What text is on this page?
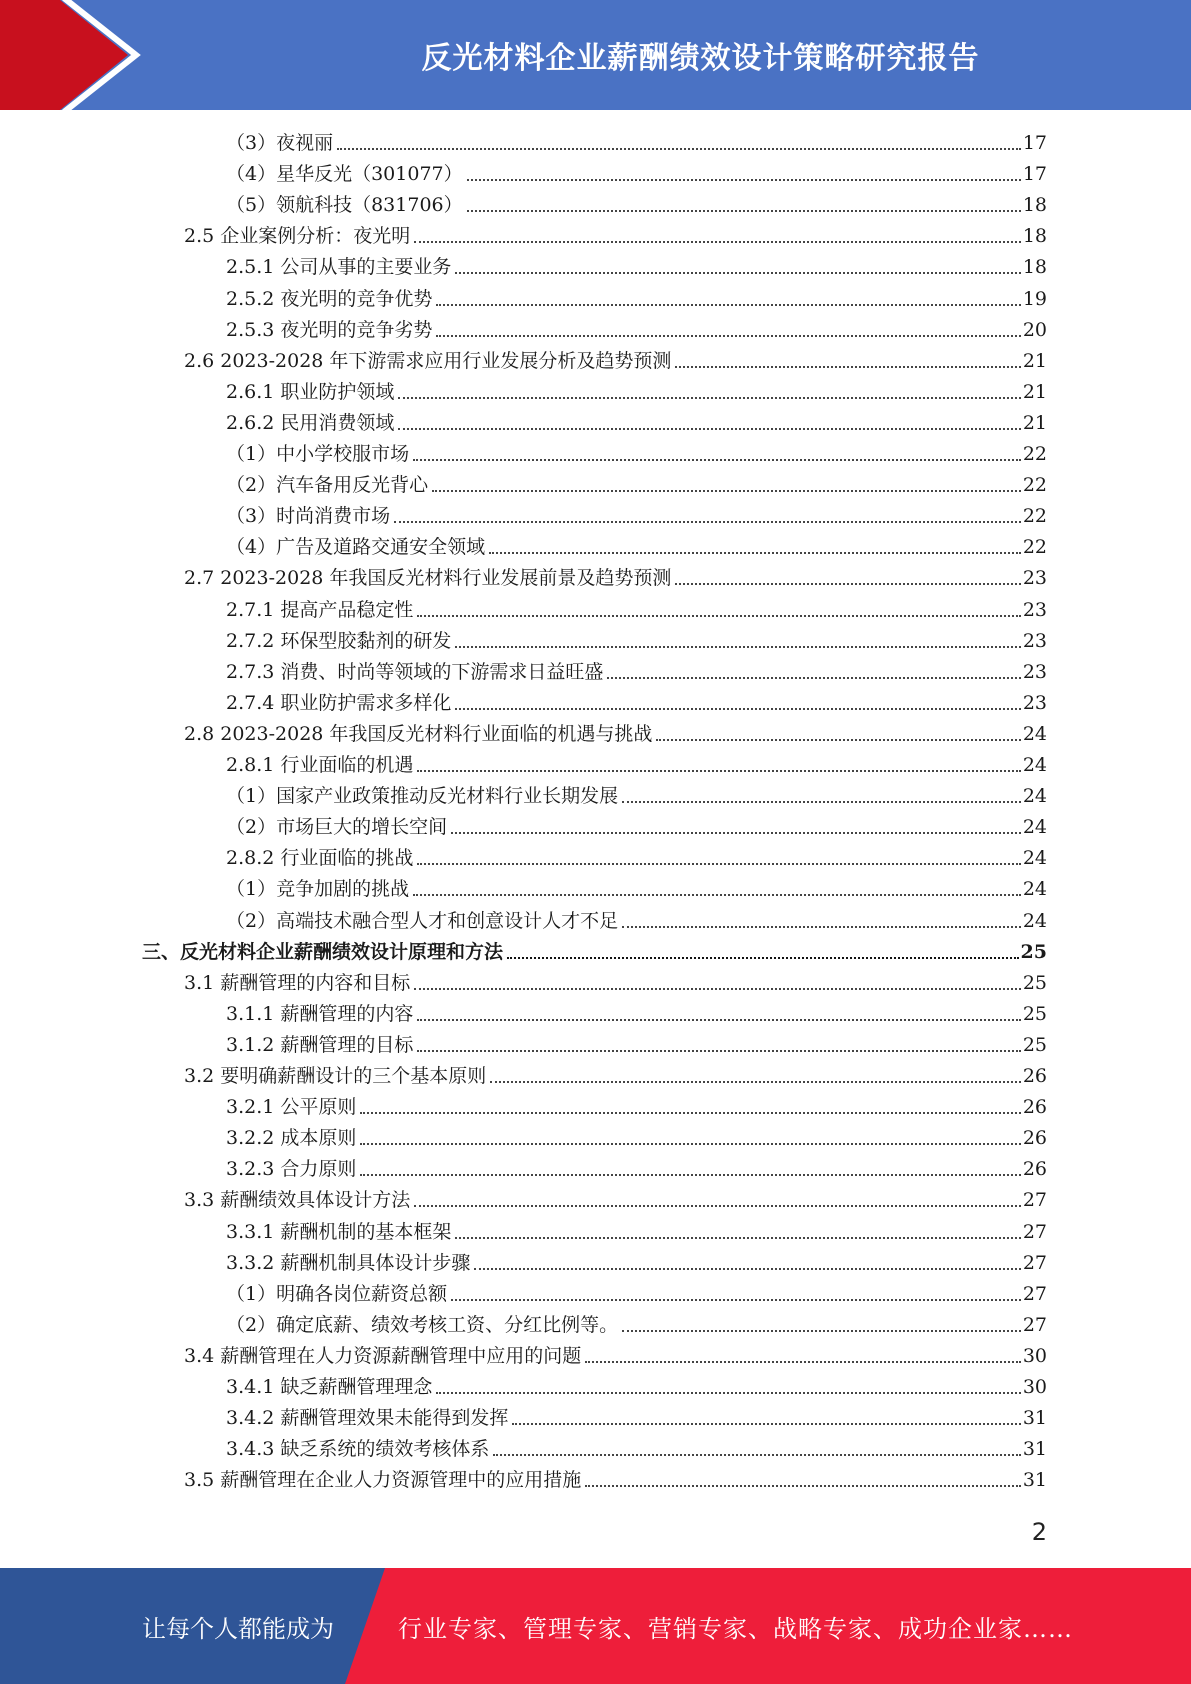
反光材料企业薪酬绩效设计策略研究报告
（3）夜视丽	17
（4）星华反光（301077）	17
（5）领航科技（831706）	18
2.5 企业案例分析：夜光明	18
2.5.1 公司从事的主要业务	18
2.5.2 夜光明的竞争优势	19
2.5.3 夜光明的竞争劣势	20
2.6 2023-2028 年下游需求应用行业发展分析及趋势预测	21
2.6.1 职业防护领域	21
2.6.2 民用消费领域	21
（1）中小学校服市场	22
（2）汽车备用反光背心	22
（3）时尚消费市场	22
（4）广告及道路交通安全领域	22
2.7 2023-2028 年我国反光材料行业发展前景及趋势预测	23
2.7.1 提高产品稳定性	23
2.7.2 环保型胶黏剂的研发	23
2.7.3 消费、时尚等领域的下游需求日益旺盛	23
2.7.4 职业防护需求多样化	23
2.8 2023-2028 年我国反光材料行业面临的机遇与挑战	24
2.8.1 行业面临的机遇	24
（1）国家产业政策推动反光材料行业长期发展	24
（2）市场巨大的增长空间	24
2.8.2 行业面临的挑战	24
（1）竞争加剧的挑战	24
（2）高端技术融合型人才和创意设计人才不足	24
三、反光材料企业薪酬绩效设计原理和方法	25
3.1 薪酬管理的内容和目标	25
3.1.1 薪酬管理的内容	25
3.1.2 薪酬管理的目标	25
3.2 要明确薪酬设计的三个基本原则	26
3.2.1 公平原则	26
3.2.2 成本原则	26
3.2.3 合力原则	26
3.3 薪酬绩效具体设计方法	27
3.3.1 薪酬机制的基本框架	27
3.3.2 薪酬机制具体设计步骤	27
（1）明确各岗位薪资总额	27
（2）确定底薪、绩效考核工资、分红比例等。	27
3.4 薪酬管理在人力资源薪酬管理中应用的问题	30
3.4.1 缺乏薪酬管理理念	30
3.4.2 薪酬管理效果未能得到发挥	31
3.4.3 缺乏系统的绩效考核体系	31
3.5 薪酬管理在企业人力资源管理中的应用措施	31
2
让每个人都能成为	行业专家、管理专家、营销专家、战略专家、成功企业家……
